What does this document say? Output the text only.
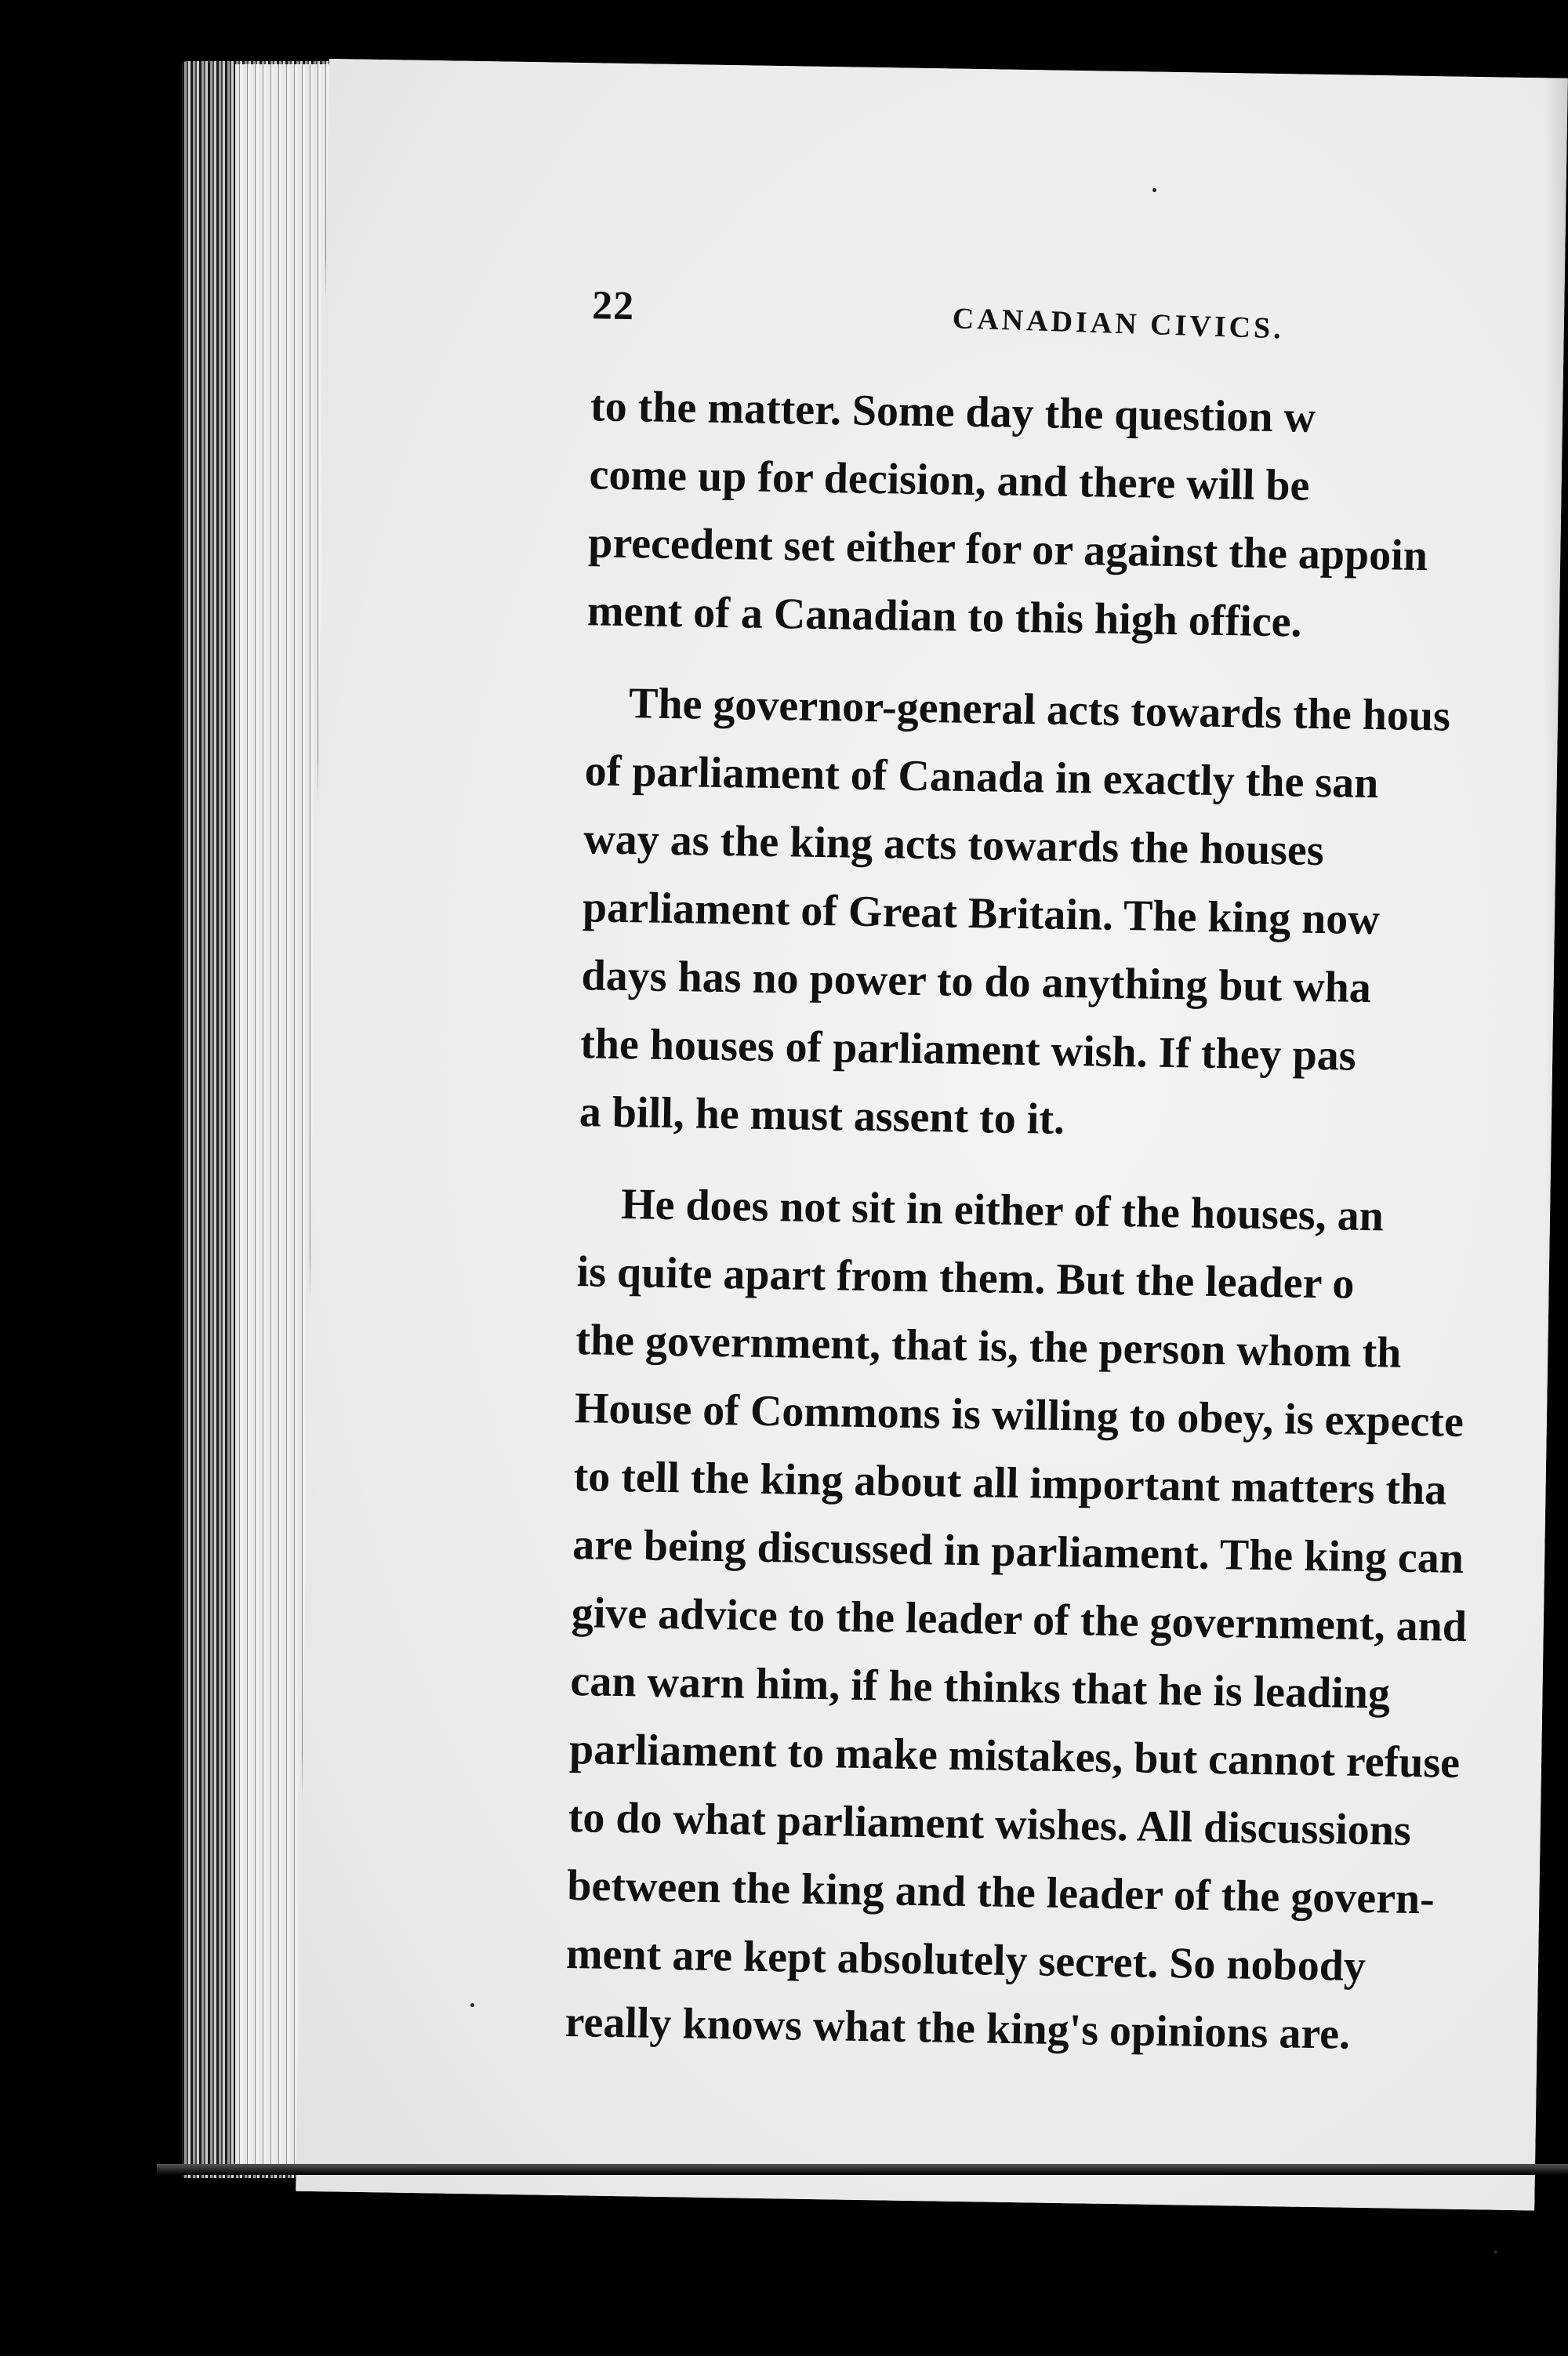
22	CANADIAN CIVICS.
to the matter. Some day the question w
come up for decision, and there will be
precedent set either for or against the appoin
ment of a Canadian to this high office.
The governor-general acts towards the hous
of parliament of Canada in exactly the san
way as the king acts towards the houses
parliament of Great Britain. The king now
days has no power to do anything but wha
the houses of parliament wish. If they pas
a bill, he must assent to it.
He does not sit in either of the houses, an
is quite apart from them. But the leader o
the government, that is, the person whom th
House of Commons is willing to obey, is expecte
to tell the king about all important matters tha
are being discussed in parliament. The king can
give advice to the leader of the government, and
can warn him, if he thinks that he is leading
parliament to make mistakes, but cannot refuse
to do what parliament wishes. All discussions
between the king and the leader of the govern-
ment are kept absolutely secret. So nobody
really knows what the king's opinions are.
